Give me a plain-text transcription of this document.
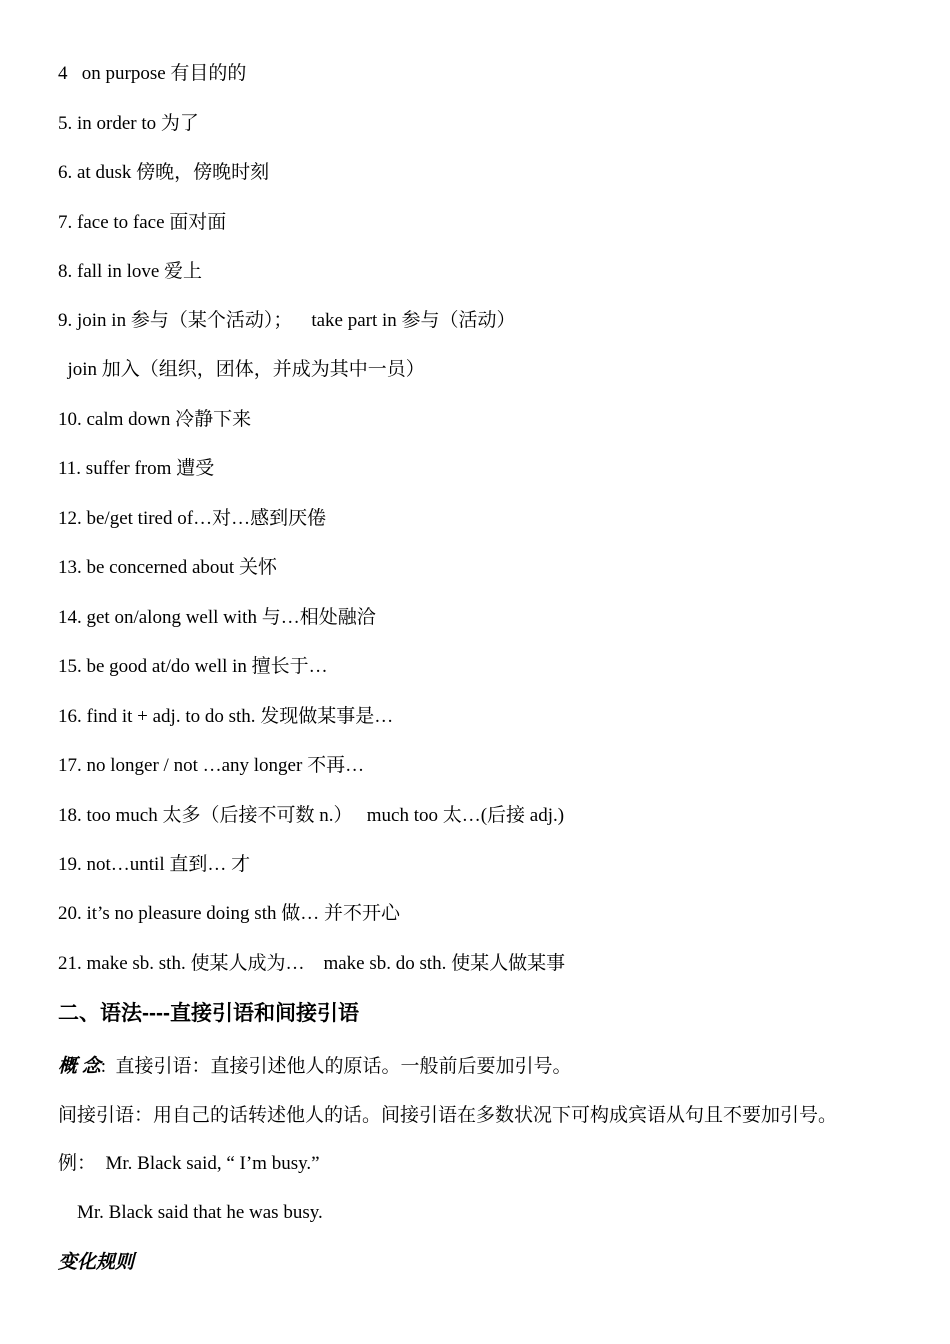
4   on purpose 有目的的
5. in order to 为了
6. at dusk 傍晚，傍晚时刻
7. face to face 面对面
8. fall in love 爱上
9. join in 参与（某个活动）；    take part in 参与（活动）
join 加入（组织，团体，并成为其中一员）
10. calm down 冷静下来
11. suffer from 遭受
12. be/get tired of…对…感到厌倦
13. be concerned about 关怀
14. get on/along well with 与…相处融洽
15. be good at/do well in 擅长于…
16. find it + adj. to do sth. 发现做某事是…
17. no longer / not …any longer 不再…
18. too much 太多（后接不可数 n.）   much too 太…(后接 adj.)
19. not…until 直到… 才
20. it’s no pleasure doing sth 做… 并不开心
21. make sb. sth. 使某人成为…    make sb. do sth. 使某人做某事
二、语法----直接引语和间接引语
概 念:  直接引语：直接引述他人的原话。一般前后要加引号。
间接引语：用自己的话转述他人的话。间接引语在多数状况下可构成宾语从句且不要加引号。
例：  Mr. Black said, “ I’m busy.”
Mr. Black said that he was busy.
变化规则
